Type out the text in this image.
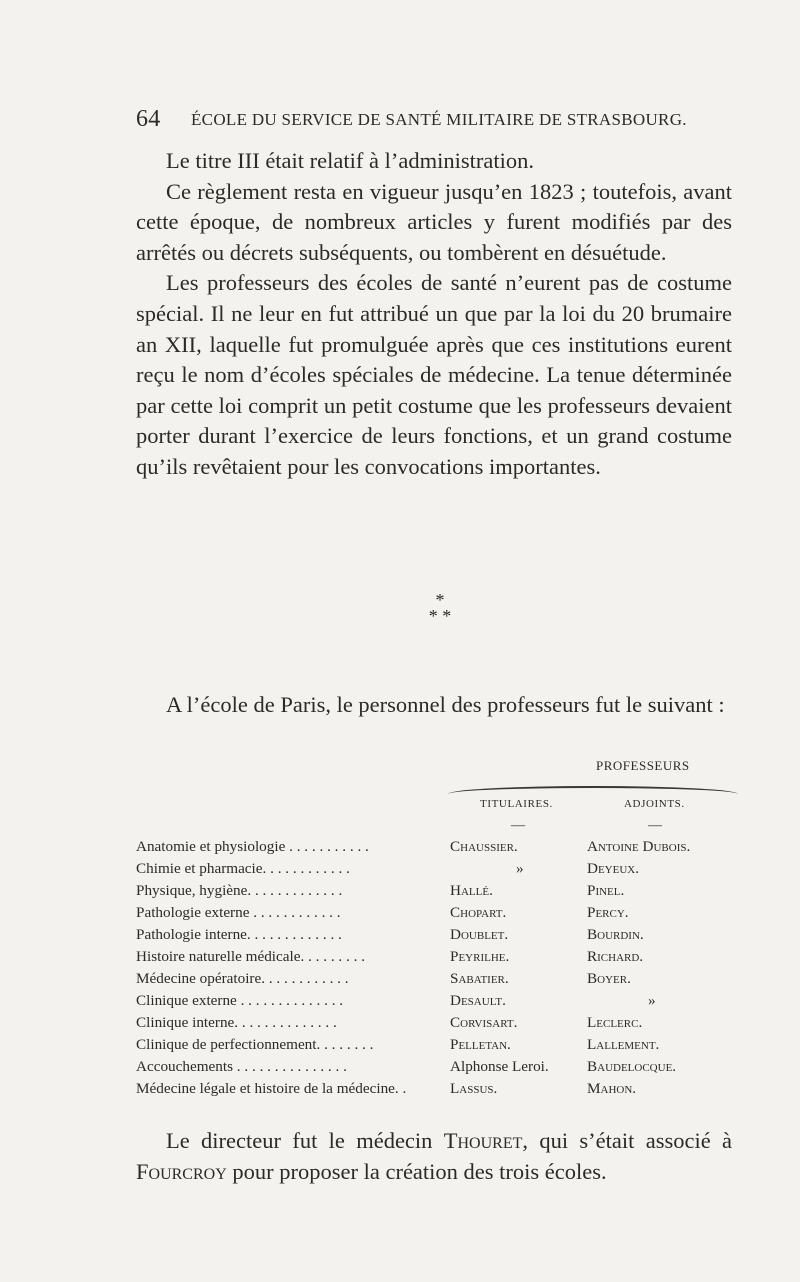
64 ÉCOLE DU SERVICE DE SANTÉ MILITAIRE DE STRASBOURG.

Le titre III était relatif à l’administration.

Ce règlement resta en vigueur jusqu’en 1823 ; toutefois, avant cette époque, de nombreux articles y furent modifiés par des arrêtés ou décrets subséquents, ou tombèrent en désuétude.

Les professeurs des écoles de santé n’eurent pas de costume spécial. Il ne leur en fut attribué un que par la loi du 20 brumaire an XII, laquelle fut promulguée après que ces institutions eurent reçu le nom d’écoles spéciales de médecine. La tenue déterminée par cette loi comprit un petit costume que les professeurs devaient porter durant l’exercice de leurs fonctions, et un grand costume qu’ils revêtaient pour les convocations importantes.

*
* *

A l’école de Paris, le personnel des professeurs fut le suivant :

PROFESSEURS
TITULAIRES.	ADJOINTS.
—	—
Anatomie et physiologie . . . . . . . . . . .	Chaussier.	Antoine Dubois.
Chimie et pharmacie. . . . . . . . . . . .	»	Deyeux.
Physique, hygiène. . . . . . . . . . . . .	Hallé.	Pinel.
Pathologie externe . . . . . . . . . . . .	Chopart.	Percy.
Pathologie interne. . . . . . . . . . . . .	Doublet.	Bourdin.
Histoire naturelle médicale. . . . . . . . .	Peyrilhe.	Richard.
Médecine opératoire. . . . . . . . . . . .	Sabatier.	Boyer.
Clinique externe . . . . . . . . . . . . . .	Desault.	»
Clinique interne. . . . . . . . . . . . . .	Corvisart.	Leclerc.
Clinique de perfectionnement. . . . . . . .	Pelletan.	Lallement.
Accouchements . . . . . . . . . . . . . . .	Alphonse Leroi.	Baudelocque.
Médecine légale et histoire de la médecine. .	Lassus.	Mahon.

Le directeur fut le médecin Thouret, qui s’était associé à Fourcroy pour proposer la création des trois écoles.
